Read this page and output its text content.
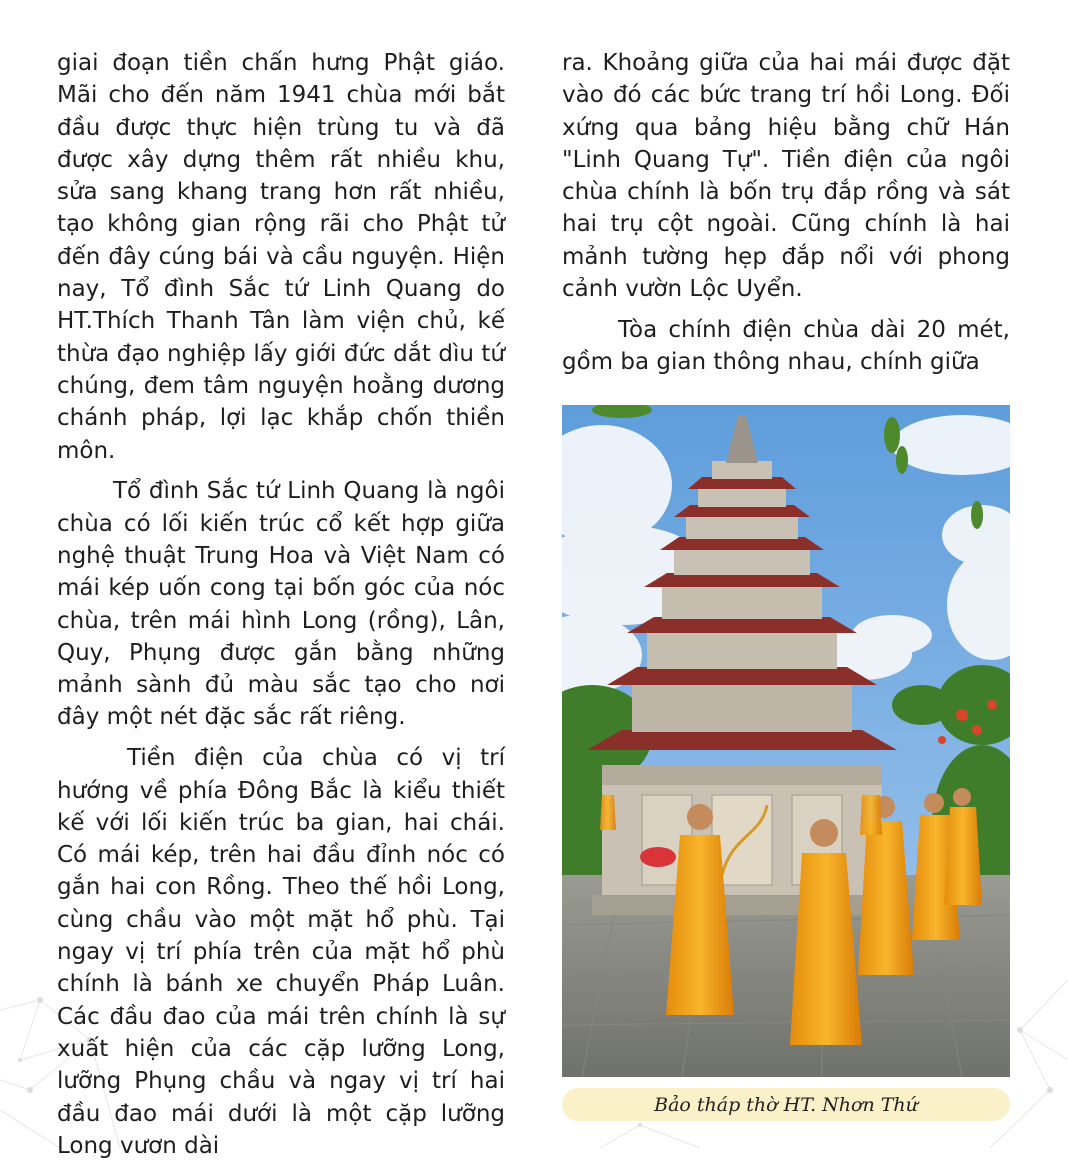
giai đoạn tiền chấn hưng Phật giáo. Mãi cho đến năm 1941 chùa mới bắt đầu được thực hiện trùng tu và đã được xây dựng thêm rất nhiều khu, sửa sang khang trang hơn rất nhiều, tạo không gian rộng rãi cho Phật tử đến đây cúng bái và cầu nguyện. Hiện nay, Tổ đình Sắc tứ Linh Quang do HT.Thích Thanh Tân làm viện chủ, kế thừa đạo nghiệp lấy giới đức dắt dìu tứ chúng, đem tâm nguyện hoằng dương chánh pháp, lợi lạc khắp chốn thiền môn.

Tổ đình Sắc tứ Linh Quang là ngôi chùa có lối kiến trúc cổ kết hợp giữa nghệ thuật Trung Hoa và Việt Nam có mái kép uốn cong tại bốn góc của nóc chùa, trên mái hình Long (rồng), Lân, Quy, Phụng được gắn bằng những mảnh sành đủ màu sắc tạo cho nơi đây một nét đặc sắc rất riêng.

Tiền điện của chùa có vị trí hướng về phía Đông Bắc là kiểu thiết kế với lối kiến trúc ba gian, hai chái. Có mái kép, trên hai đầu đỉnh nóc có gắn hai con Rồng. Theo thế hồi Long, cùng chầu vào một mặt hổ phù. Tại ngay vị trí phía trên của mặt hổ phù chính là bánh xe chuyển Pháp Luân. Các đầu đao của mái trên chính là sự xuất hiện của các cặp lưỡng Long, lưỡng Phụng chầu và ngay vị trí hai đầu đao mái dưới là một cặp lưỡng Long vươn dài

ra. Khoảng giữa của hai mái được đặt vào đó các bức trang trí hồi Long. Đối xứng qua bảng hiệu bằng chữ Hán "Linh Quang Tự". Tiền điện của ngôi chùa chính là bốn trụ đắp rồng và sát hai trụ cột ngoài. Cũng chính là hai mảnh tường hẹp đắp nổi với phong cảnh vườn Lộc Uyển.

Tòa chính điện chùa dài 20 mét, gồm ba gian thông nhau, chính giữa

Bảo tháp thờ HT. Nhơn Thứ
